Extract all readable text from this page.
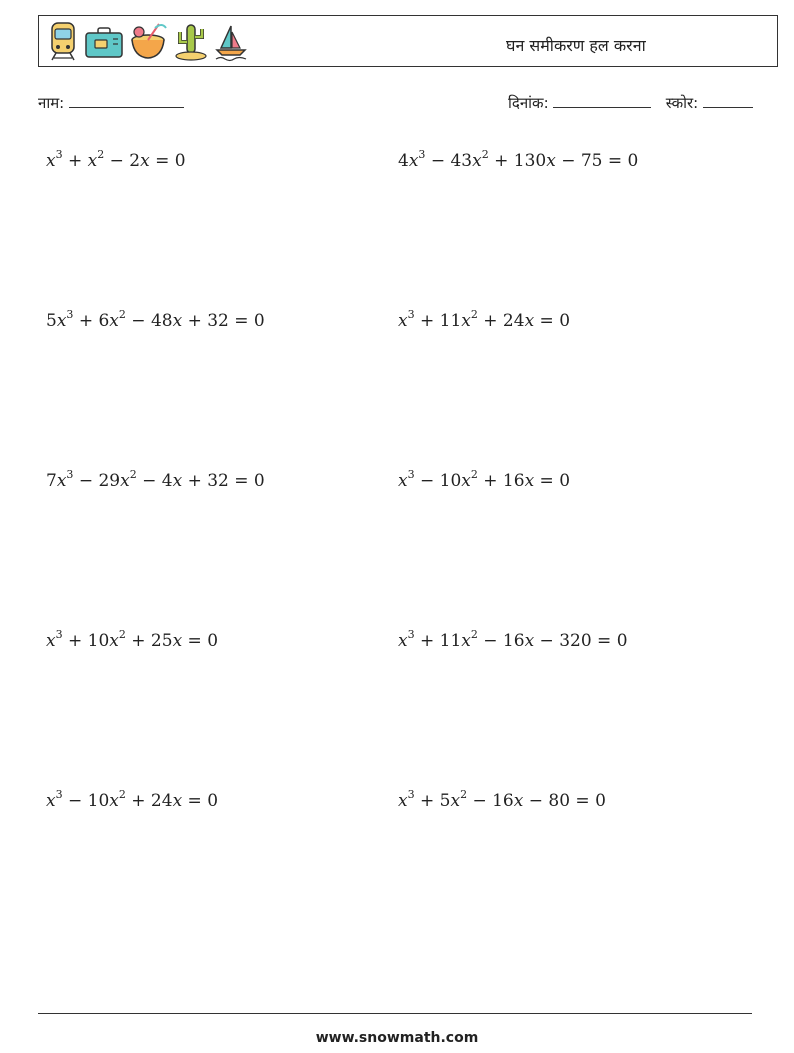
घन समीकरण हल करना
नाम:	दिनांक:	स्कोर:
$x^3 + x^2 - 2x = 0$	$4x^3 - 43x^2 + 130x - 75 = 0$
$5x^3 + 6x^2 - 48x + 32 = 0$	$x^3 + 11x^2 + 24x = 0$
$7x^3 - 29x^2 - 4x + 32 = 0$	$x^3 - 10x^2 + 16x = 0$
$x^3 + 10x^2 + 25x = 0$	$x^3 + 11x^2 - 16x - 320 = 0$
$x^3 - 10x^2 + 24x = 0$	$x^3 + 5x^2 - 16x - 80 = 0$
www.snowmath.com
